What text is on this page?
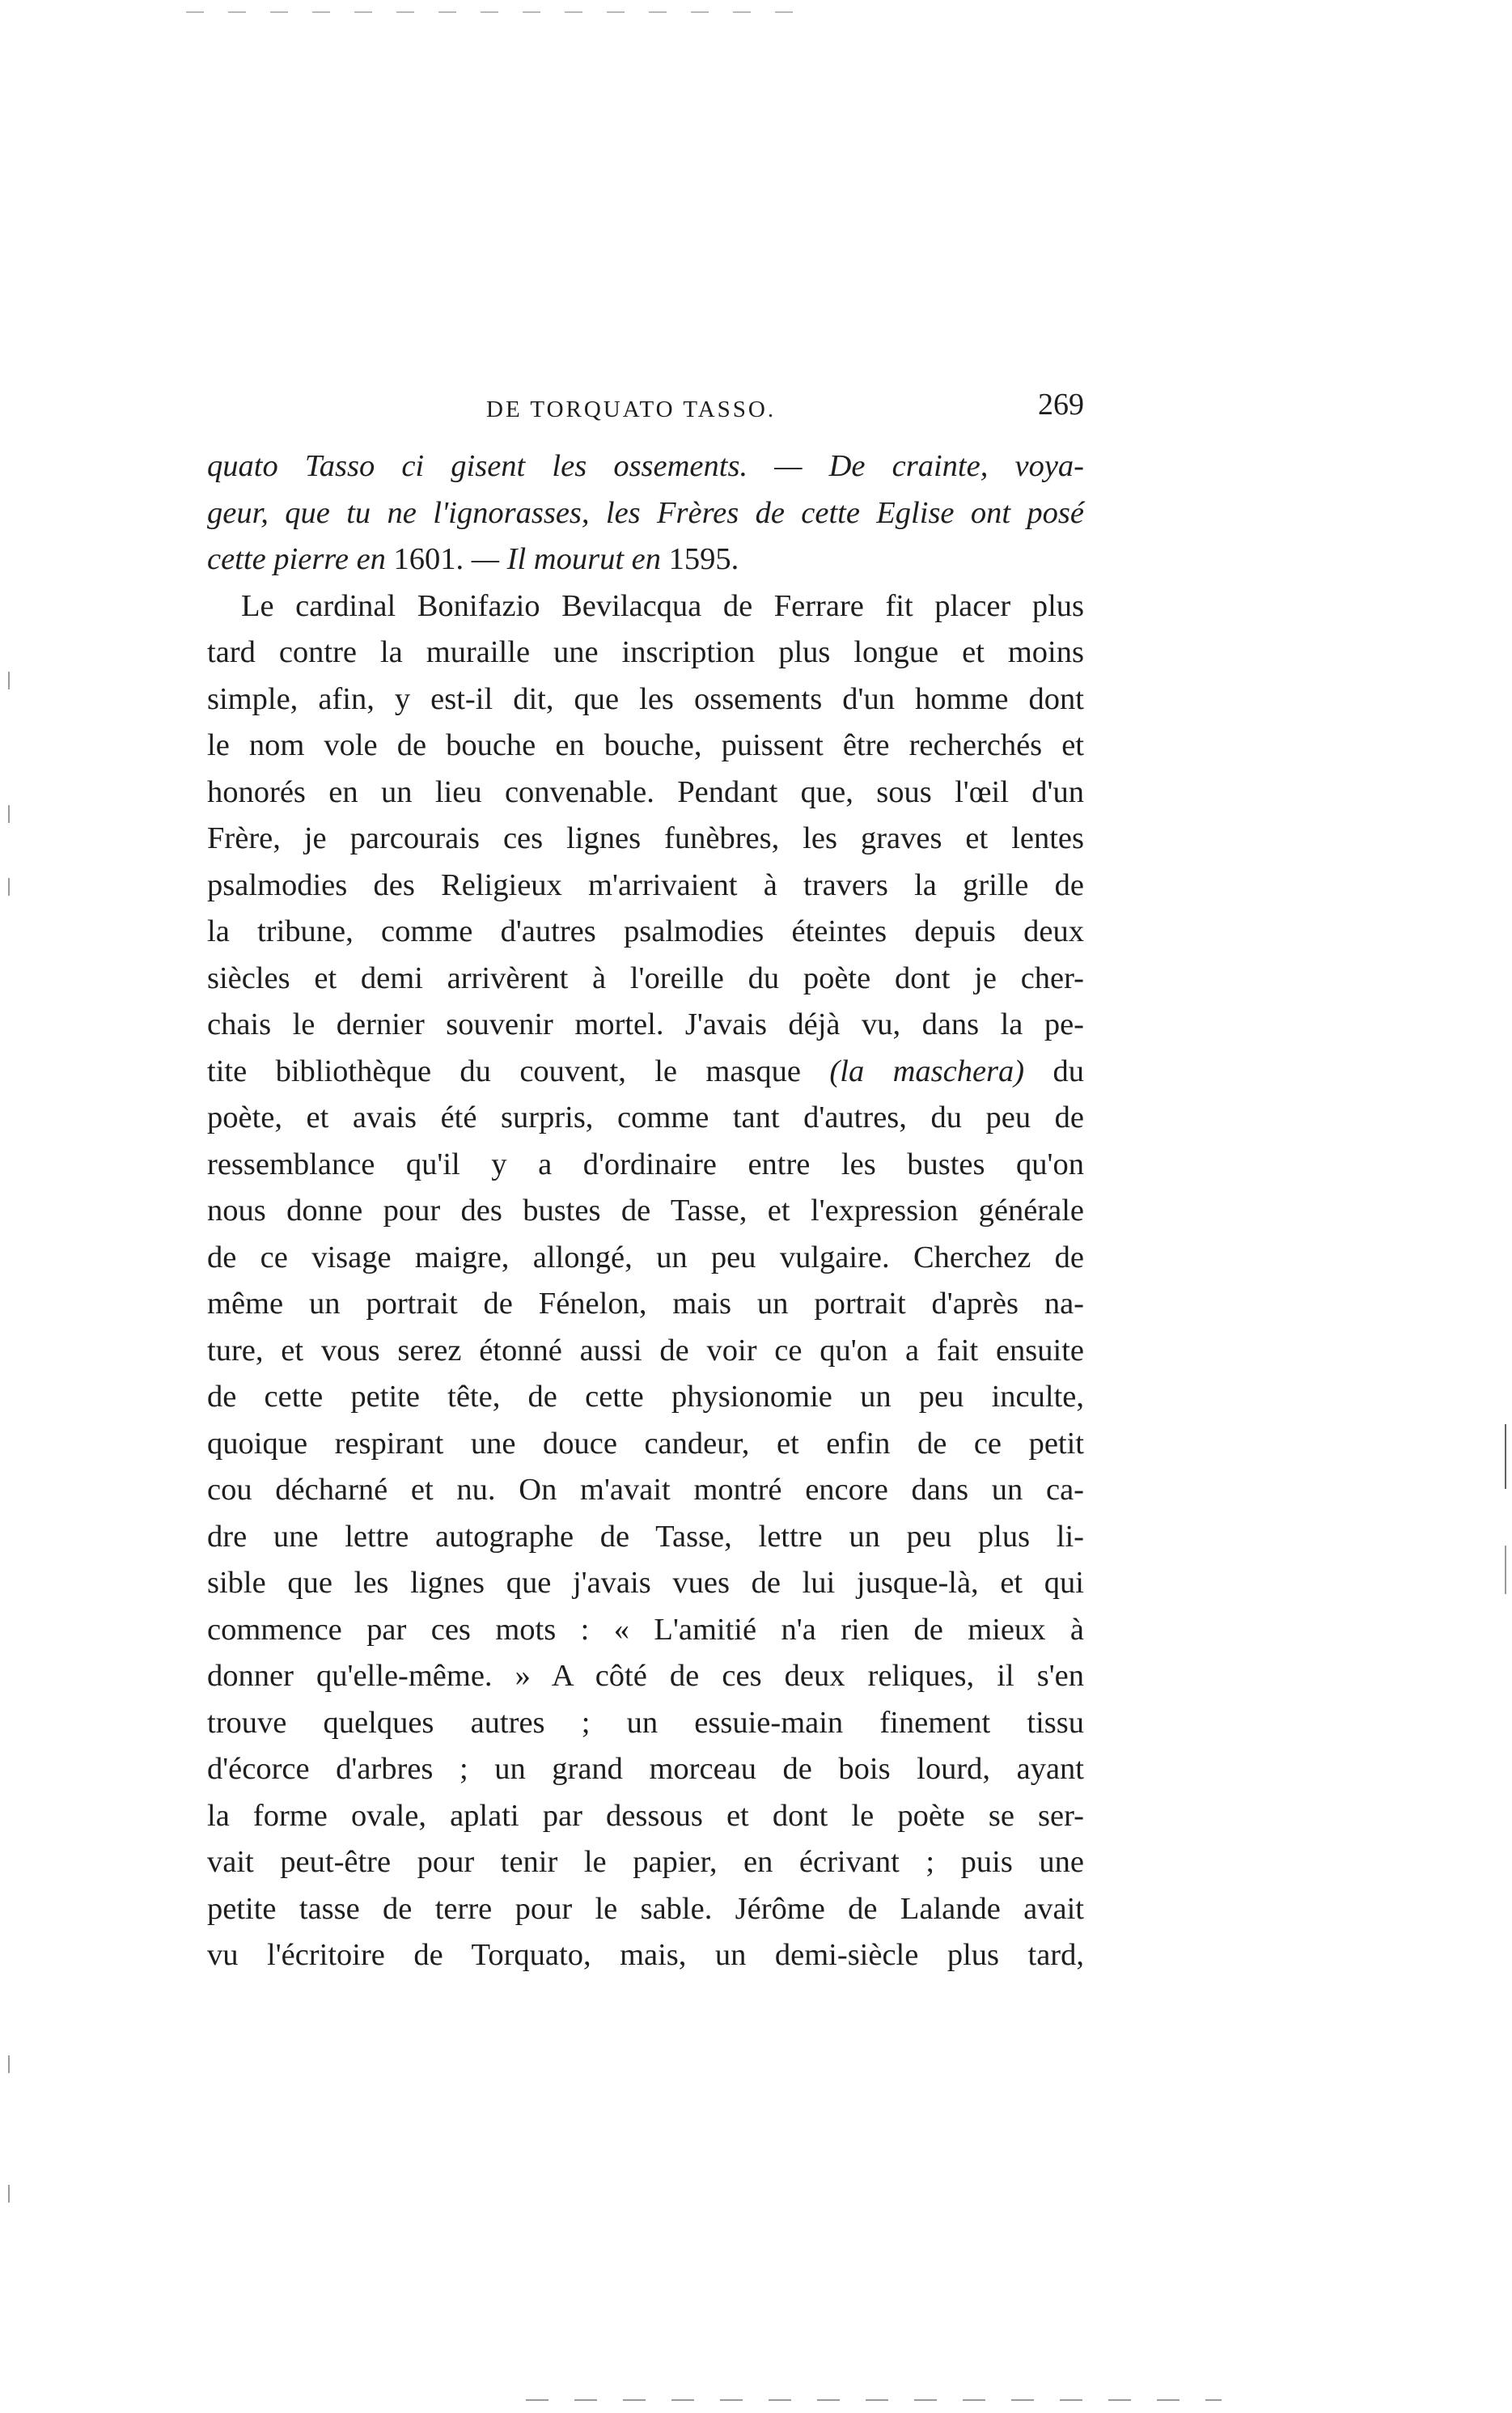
DE TORQUATO TASSO.	269
quato Tasso ci gisent les ossements. — De crainte, voya-
geur, que tu ne l'ignorasses, les Frères de cette Eglise ont posé
cette pierre en 1601. — Il mourut en 1595.
Le cardinal Bonifazio Bevilacqua de Ferrare fit placer plus
tard contre la muraille une inscription plus longue et moins
simple, afin, y est-il dit, que les ossements d'un homme dont
le nom vole de bouche en bouche, puissent être recherchés et
honorés en un lieu convenable. Pendant que, sous l'œil d'un
Frère, je parcourais ces lignes funèbres, les graves et lentes
psalmodies des Religieux m'arrivaient à travers la grille de
la tribune, comme d'autres psalmodies éteintes depuis deux
siècles et demi arrivèrent à l'oreille du poète dont je cher-
chais le dernier souvenir mortel. J'avais déjà vu, dans la pe-
tite bibliothèque du couvent, le masque (la maschera) du
poète, et avais été surpris, comme tant d'autres, du peu de
ressemblance qu'il y a d'ordinaire entre les bustes qu'on
nous donne pour des bustes de Tasse, et l'expression générale
de ce visage maigre, allongé, un peu vulgaire. Cherchez de
même un portrait de Fénelon, mais un portrait d'après na-
ture, et vous serez étonné aussi de voir ce qu'on a fait ensuite
de cette petite tête, de cette physionomie un peu inculte,
quoique respirant une douce candeur, et enfin de ce petit
cou décharné et nu. On m'avait montré encore dans un ca-
dre une lettre autographe de Tasse, lettre un peu plus li-
sible que les lignes que j'avais vues de lui jusque-là, et qui
commence par ces mots : « L'amitié n'a rien de mieux à
donner qu'elle-même. » A côté de ces deux reliques, il s'en
trouve quelques autres ; un essuie-main finement tissu
d'écorce d'arbres ; un grand morceau de bois lourd, ayant
la forme ovale, aplati par dessous et dont le poète se ser-
vait peut-être pour tenir le papier, en écrivant ; puis une
petite tasse de terre pour le sable. Jérôme de Lalande avait
vu l'écritoire de Torquato, mais, un demi-siècle plus tard,
